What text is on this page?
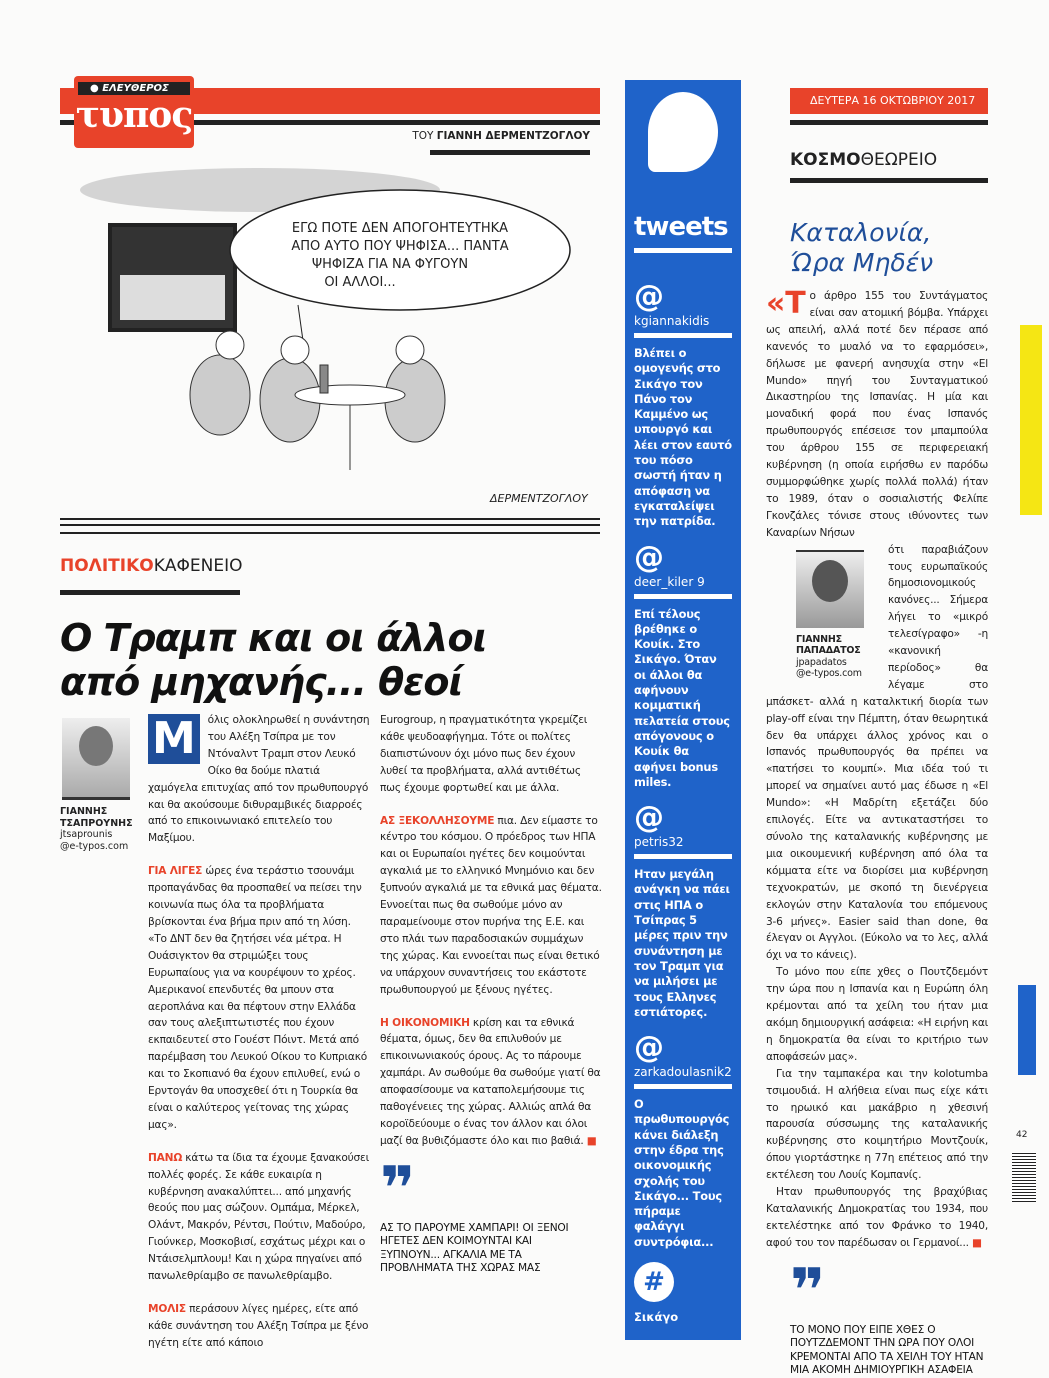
● ΕΛΕΥΘΕΡΟΣ
τυπος	ΤΟΥ ΓΙΑΝΝΗ ΔΕΡΜΕΝΤΖΟΓΛΟΥ
ΕΓΩ ΠΟΤΕ ΔΕΝ ΑΠΟΓΟΗΤΕΥΤΗΚΑ
ΑΠΟ ΑΥΤΟ ΠΟΥ ΨΗΦΙΣΑ... ΠΑΝΤΑ
ΨΗΦΙΖΑ ΓΙΑ ΝΑ ΦΥΓΟΥΝ
ΟΙ ΑΛΛΟΙ...
ΔΕΡΜΕΝΤΖΟΓΛΟΥ
ΠΟΛΙΤΙΚΟΚΑΦΕΝΕΙΟ
Ο Τραμπ και οι άλλοι
από μηχανής... θεοί
ΓΙΑΝΝΗΣ
ΤΣΑΠΡΟΥΝΗΣ
jtsaprounis
@e-typos.com

Μ	όλις ολοκληρωθεί η συνάντηση του Αλέξη Τσίπρα με τον Ντόναλντ Τραμπ στον Λευκό Οίκο θα δούμε πλατιά χαμόγελα επιτυχίας από τον πρωθυπουργό και θα ακούσουμε διθυραμβικές διαρροές από το επικοινωνιακό επιτελείο του Μαξίμου.

ΓΙΑ ΛΙΓΕΣ ώρες ένα τεράστιο τσουνάμι προπαγάνδας θα προσπαθεί να πείσει την κοινωνία πως όλα τα προβλήματα βρίσκονται ένα βήμα πριν από τη λύση. «Το ΔΝΤ δεν θα ζητήσει νέα μέτρα. Η Ουάσιγκτον θα στριμώξει τους Ευρωπαίους για να κουρέψουν το χρέος. Αμερικανοί επενδυτές θα μπουν στα αεροπλάνα και θα πέφτουν στην Ελλάδα σαν τους αλεξιπτωτιστές που έχουν εκπαιδευτεί στο Γουέστ Πόιντ. Μετά από παρέμβαση του Λευκού Οίκου το Κυπριακό και το Σκοπιανό θα έχουν επιλυθεί, ενώ ο Ερντογάν θα υποσχεθεί ότι η Τουρκία θα είναι ο καλύτερος γείτονας της χώρας μας».

ΠΑΝΩ κάτω τα ίδια τα έχουμε ξανακούσει πολλές φορές. Σε κάθε ευκαιρία η κυβέρνηση ανακαλύπτει... από μηχανής θεούς που μας σώζουν. Ομπάμα, Μέρκελ, Ολάντ, Μακρόν, Ρέντσι, Πούτιν, Μαδούρο, Γιούνκερ, Μοσκοβισί, εσχάτως μέχρι και ο Ντάισελμπλουμ! Και η χώρα πηγαίνει από πανωλεθρίαμβο σε πανωλεθρίαμβο.

ΜΟΛΙΣ περάσουν λίγες ημέρες, είτε από κάθε συνάντηση του Αλέξη Τσίπρα με ξένο ηγέτη είτε από κάποιο

Eurogroup, η πραγματικότητα γκρεμίζει κάθε ψευδοαφήγημα. Τότε οι πολίτες διαπιστώνουν όχι μόνο πως δεν έχουν λυθεί τα προβλήματα, αλλά αντιθέτως πως έχουμε φορτωθεί και με άλλα.

ΑΣ ΞΕΚΟΛΛΗΣΟΥΜΕ πια. Δεν είμαστε το κέντρο του κόσμου. Ο πρόεδρος των ΗΠΑ και οι Ευρωπαίοι ηγέτες δεν κοιμούνται αγκαλιά με το ελληνικό Μνημόνιο και δεν ξυπνούν αγκαλιά με τα εθνικά μας θέματα. Εννοείται πως θα σωθούμε μόνο αν παραμείνουμε στον πυρήνα της Ε.Ε. και στο πλάι των παραδοσιακών συμμάχων της χώρας. Και εννοείται πως είναι θετικό να υπάρχουν συναντήσεις του εκάστοτε πρωθυπουργού με ξένους ηγέτες.

Η ΟΙΚΟΝΟΜΙΚΗ κρίση και τα εθνικά θέματα, όμως, δεν θα επιλυθούν με επικοινωνιακούς όρους. Ας το πάρουμε χαμπάρι. Αν σωθούμε θα σωθούμε γιατί θα αποφασίσουμε να καταπολεμήσουμε τις παθογένειες της χώρας. Αλλιώς απλά θα κοροϊδεύουμε ο ένας τον άλλον και όλοι μαζί θα βυθιζόμαστε όλο και πιο βαθιά. ■

❞
ΑΣ ΤΟ ΠΑΡΟΥΜΕ ΧΑΜΠΑΡΙ! ΟΙ ΞΕΝΟΙ ΗΓΕΤΕΣ ΔΕΝ ΚΟΙΜΟΥΝΤΑΙ ΚΑΙ ΞΥΠΝΟΥΝ... ΑΓΚΑΛΙΑ ΜΕ ΤΑ ΠΡΟΒΛΗΜΑΤΑ ΤΗΣ ΧΩΡΑΣ ΜΑΣ
tweets
@
kgiannakidis
Βλέπει ο ομογενής στο Σικάγο τον Πάνο τον Καμμένο ως υπουργό και λέει στον εαυτό του πόσο σωστή ήταν η απόφαση να εγκαταλείψει την πατρίδα.
@
deer_kiler 9
Επί τέλους βρέθηκε ο Κουίκ. Στο Σικάγο. Όταν οι άλλοι θα αφήνουν κομματική πελατεία στους απόγονους ο Κουίκ θα αφήνει bonus miles.
@
petris32
Ηταν μεγάλη ανάγκη να πάει στις ΗΠΑ ο Τσίπρας 5 μέρες πριν την συνάντηση με τον Τραμπ για να μιλήσει με τους Ελληνες εστιάτορες.
@
zarkadoulasnik2
Ο πρωθυπουργός κάνει διάλεξη στην έδρα της οικονομικής σχολής του Σικάγο... Τους πήραμε φαλάγγι συντρόφια...
#
Σικάγο
ΔΕΥΤΕΡΑ 16 ΟΚΤΩΒΡΙΟΥ 2017
ΚΟΣΜΟΘΕΩΡΕΙΟ
Καταλονία,
Ώρα Μηδέν
«Τ ο άρθρο 155 του Συντάγματος είναι σαν ατομική βόμβα. Υπάρχει ως απειλή, αλλά ποτέ δεν πέρασε από κανενός το μυαλό να το εφαρμόσει», δήλωσε με φανερή ανησυχία στην «El Mundo» πηγή του Συνταγματικού Δικαστηρίου της Ισπανίας. Η μία και μοναδική φορά που ένας Ισπανός πρωθυπουργός επέσεισε τον μπαμπούλα του άρθρου 155 σε περιφερειακή κυβέρνηση (η οποία ειρήσθω εν παρόδω συμμορφώθηκε χωρίς πολλά πολλά) ήταν το 1989, όταν ο σοσιαλιστής Φελίπε Γκονζάλες τόνισε στους ιθύνοντες των Καναρίων Νήσων
ΓΙΑΝΝΗΣ
ΠΑΠΑΔΑΤΟΣ
jpapadatos
@e-typos.com
ότι παραβιάζουν τους ευρωπαϊκούς δημοσιονομικούς κανόνες... Σήμερα λήγει το «μικρό τελεσίγραφο» -η «κανονική περίοδος» θα λέγαμε στο μπάσκετ- αλλά η καταλκτική διορία των play-off είναι την Πέμπτη, όταν θεωρητικά δεν θα υπάρχει άλλος χρόνος και ο Ισπανός πρωθυπουργός θα πρέπει να «πατήσει το κουμπί». Μια ιδέα τού τι μπορεί να σημαίνει αυτό μας έδωσε η «El Mundo»: «Η Μαδρίτη εξετάζει δύο επιλογές. Είτε να αντικαταστήσει το σύνολο της καταλανικής κυβέρνησης με μια οικουμενική κυβέρνηση από όλα τα κόμματα είτε να διορίσει μια κυβέρνηση τεχνοκρατών, με σκοπό τη διενέργεια εκλογών στην Καταλονία του επόμενους 3-6 μήνες». Easier said than done, θα έλεγαν οι Αγγλοι. (Εύκολο να το λες, αλλά όχι να το κάνεις).

Το μόνο που είπε χθες ο Πουτζδεμόντ την ώρα που η Ισπανία και η Ευρώπη όλη κρέμονται από τα χείλη του ήταν μια ακόμη δημιουργική ασάφεια: «Η ειρήνη και η δημοκρατία θα είναι το κριτήριο των αποφάσεών μας».

Για την ταμπακέρα και την kolotumba τσιμουδιά. Η αλήθεια είναι πως είχε κάτι το ηρωικό και μακάβριο η χθεσινή παρουσία σύσσωμης της καταλανικής κυβέρνησης στο κοιμητήριο Μοντζουίκ, όπου γιορτάστηκε η 77η επέτειος από την εκτέλεση του Λουίς Κομπανίς.

Ηταν πρωθυπουργός της βραχύβιας Καταλανικής Δημοκρατίας του 1934, που εκτελέστηκε από τον Φράνκο το 1940, αφού του τον παρέδωσαν οι Γερμανοί... ■

❞
ΤΟ ΜΟΝΟ ΠΟΥ ΕΙΠΕ ΧΘΕΣ Ο ΠΟΥΤΖΔΕΜΟΝΤ ΤΗΝ ΩΡΑ ΠΟΥ ΟΛΟΙ ΚΡΕΜΟΝΤΑΙ ΑΠΟ ΤΑ ΧΕΙΛΗ ΤΟΥ ΗΤΑΝ ΜΙΑ ΑΚΟΜΗ ΔΗΜΙΟΥΡΓΙΚΗ ΑΣΑΦΕΙΑ
42
